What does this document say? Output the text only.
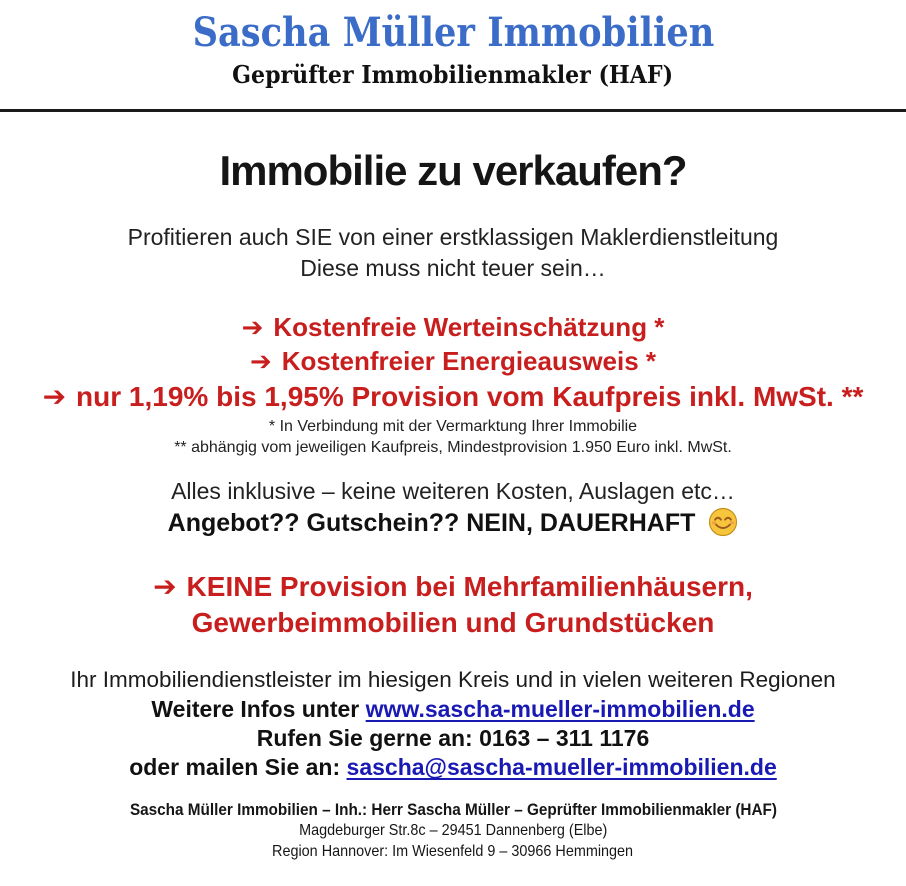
Sascha Müller Immobilien
Geprüfter Immobilienmakler (HAF)
Immobilie zu verkaufen?
Profitieren auch SIE von einer erstklassigen Maklerdienstleitung
Diese muss nicht teuer sein…
➔ Kostenfreie Werteinschätzung *
➔ Kostenfreier Energieausweis *
➔ nur 1,19% bis 1,95% Provision vom Kaufpreis inkl. MwSt. **
* In Verbindung mit der Vermarktung Ihrer Immobilie
** abhängig vom jeweiligen Kaufpreis, Mindestprovision 1.950 Euro inkl. MwSt.
Alles inklusive – keine weiteren Kosten, Auslagen etc…
Angebot?? Gutschein?? NEIN, DAUERHAFT
➔ KEINE Provision bei Mehrfamilienhäusern,
Gewerbeimmobilien und Grundstücken
Ihr Immobiliendienstleister im hiesigen Kreis und in vielen weiteren Regionen
Weitere Infos unter www.sascha-mueller-immobilien.de
Rufen Sie gerne an: 0163 – 311 1176
oder mailen Sie an: sascha@sascha-mueller-immobilien.de
Sascha Müller Immobilien – Inh.: Herr Sascha Müller – Geprüfter Immobilienmakler (HAF)
Magdeburger Str.8c – 29451 Dannenberg (Elbe)
Region Hannover: Im Wiesenfeld 9 – 30966 Hemmingen
